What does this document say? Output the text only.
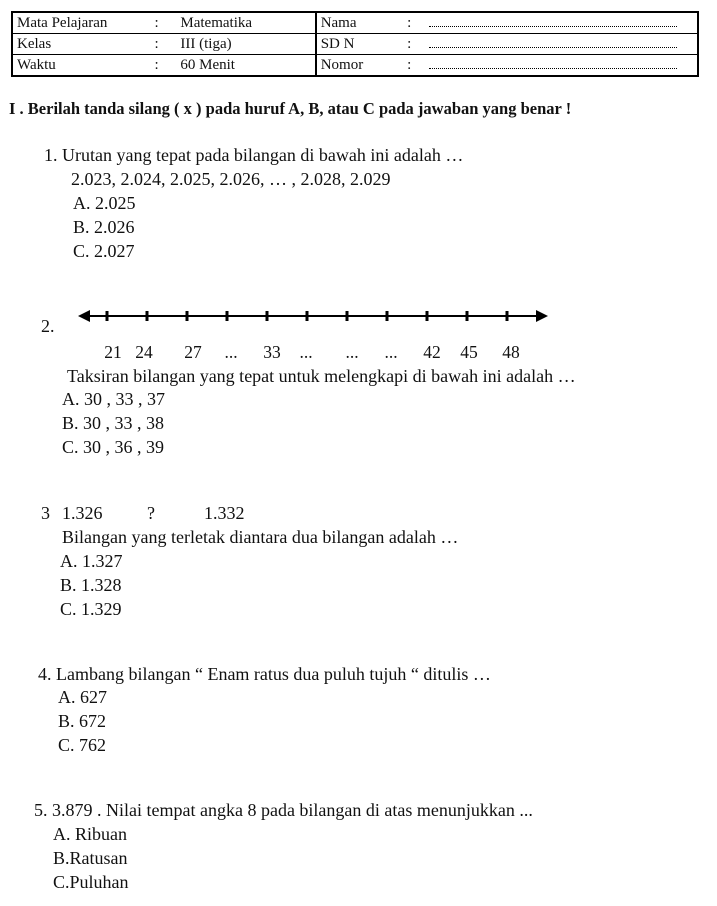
Mata Pelajaran	:	Matematika	Nama	:	
Kelas	:	III (tiga)	SD N	:	
Waktu	:	60 Menit	Nomor	:	
I . Berilah tanda silang ( x ) pada huruf A, B, atau C pada jawaban yang benar !
1. Urutan yang tepat pada bilangan di bawah ini adalah …
2.023, 2.024, 2.025, 2.026, … , 2.028, 2.029
A. 2.025
B. 2.026
C. 2.027
2.
21 24 27 ... 33 ... ... ... 42 45 48
Taksiran bilangan yang tepat untuk melengkapi di bawah ini adalah …
A. 30 , 33 , 37
B. 30 , 33 , 38
C. 30 , 36 , 39
3 1.326 ?	1.332
Bilangan yang terletak diantara dua bilangan adalah …
A. 1.327
B. 1.328
C. 1.329
4. Lambang bilangan “ Enam ratus dua puluh tujuh “ ditulis …
A. 627
B. 672
C. 762
5. 3.879 . Nilai tempat angka 8 pada bilangan di atas menunjukkan ...
A. Ribuan
B.Ratusan
C.Puluhan
